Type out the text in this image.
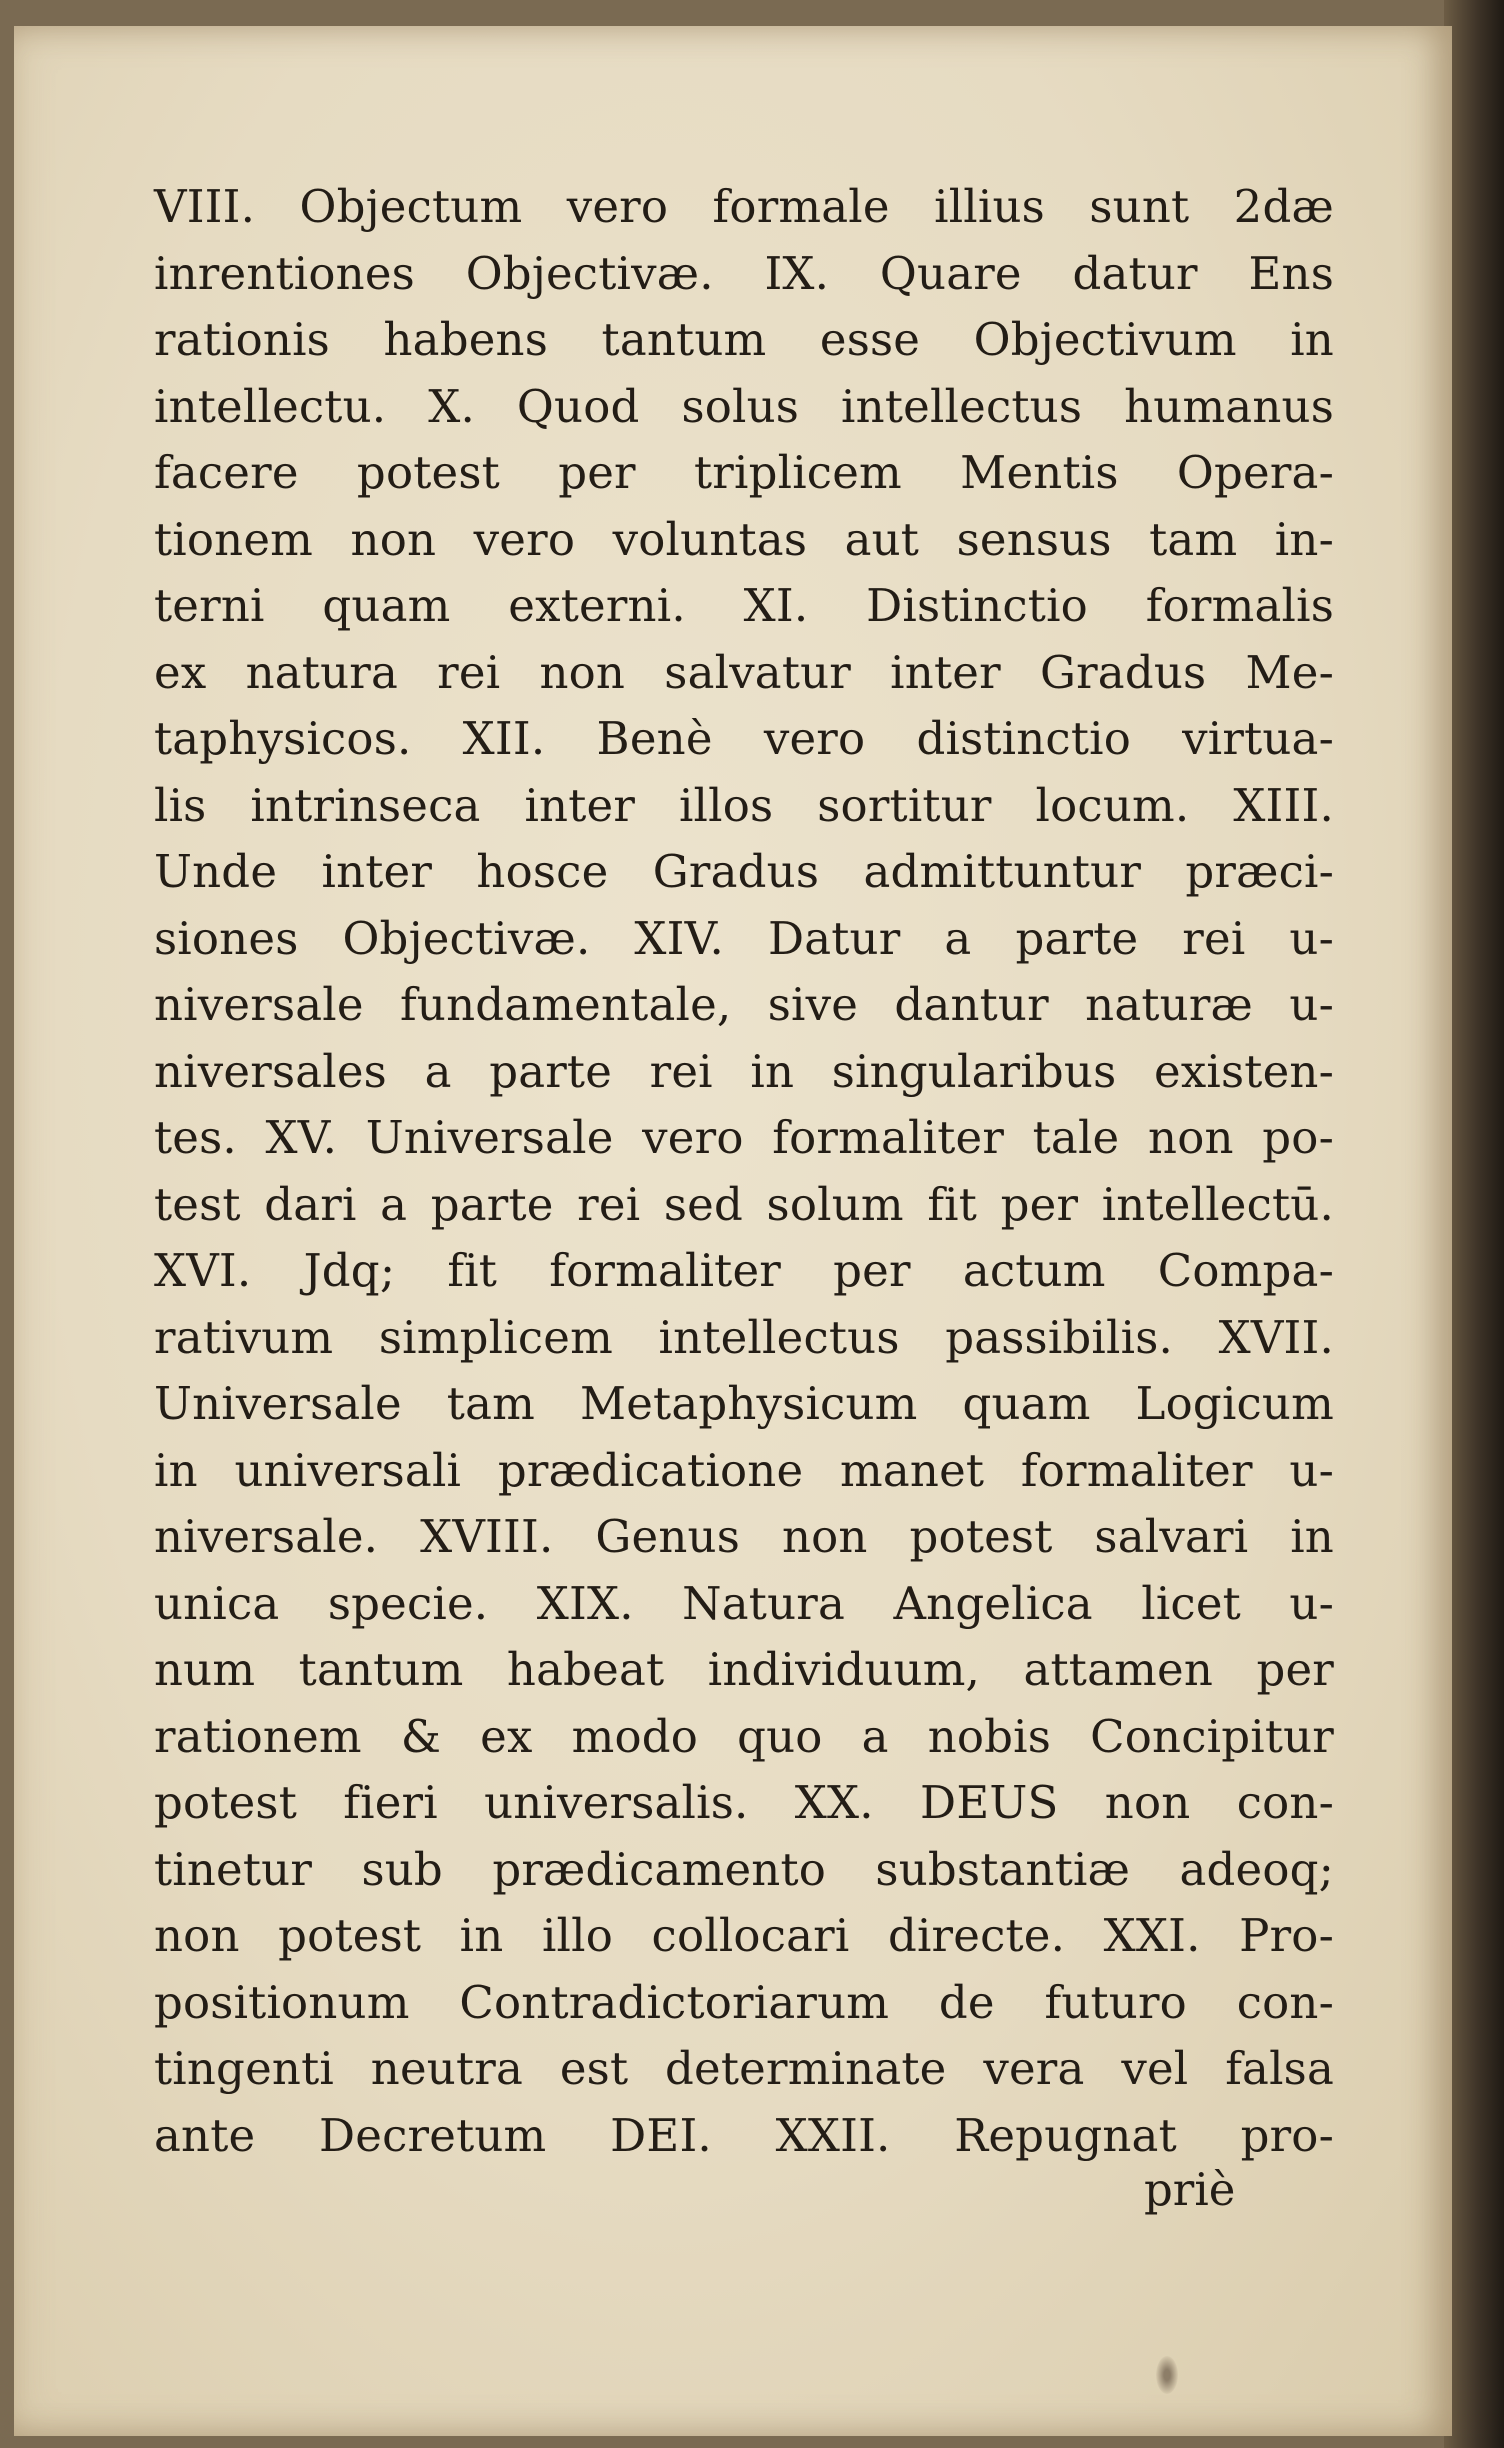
VIII. Objectum vero formale illius sunt 2dæ
inrentiones Objectivæ. IX. Quare datur Ens
rationis habens tantum esse Objectivum in
intellectu. X. Quod solus intellectus humanus
facere potest per triplicem Mentis Opera-
tionem non vero voluntas aut sensus tam in-
terni quam externi. XI. Distinctio formalis
ex natura rei non salvatur inter Gradus Me-
taphysicos. XII. Benè vero distinctio virtua-
lis intrinseca inter illos sortitur locum. XIII.
Unde inter hosce Gradus admittuntur præci-
siones Objectivæ. XIV. Datur a parte rei u-
niversale fundamentale, sive dantur naturæ u-
niversales a parte rei in singularibus existen-
tes. XV. Universale vero formaliter tale non po-
test dari a parte rei sed solum fit per intellectū.
XVI. Jdq; fit formaliter per actum Compa-
rativum simplicem intellectus passibilis. XVII.
Universale tam Metaphysicum quam Logicum
in universali prædicatione manet formaliter u-
niversale. XVIII. Genus non potest salvari in
unica specie. XIX. Natura Angelica licet u-
num tantum habeat individuum, attamen per
rationem & ex modo quo a nobis Concipitur
potest fieri universalis. XX. DEUS non con-
tinetur sub prædicamento substantiæ adeoq;
non potest in illo collocari directe. XXI. Pro-
positionum Contradictoriarum de futuro con-
tingenti neutra est determinate vera vel falsa
ante Decretum DEI. XXII. Repugnat pro-
priè
